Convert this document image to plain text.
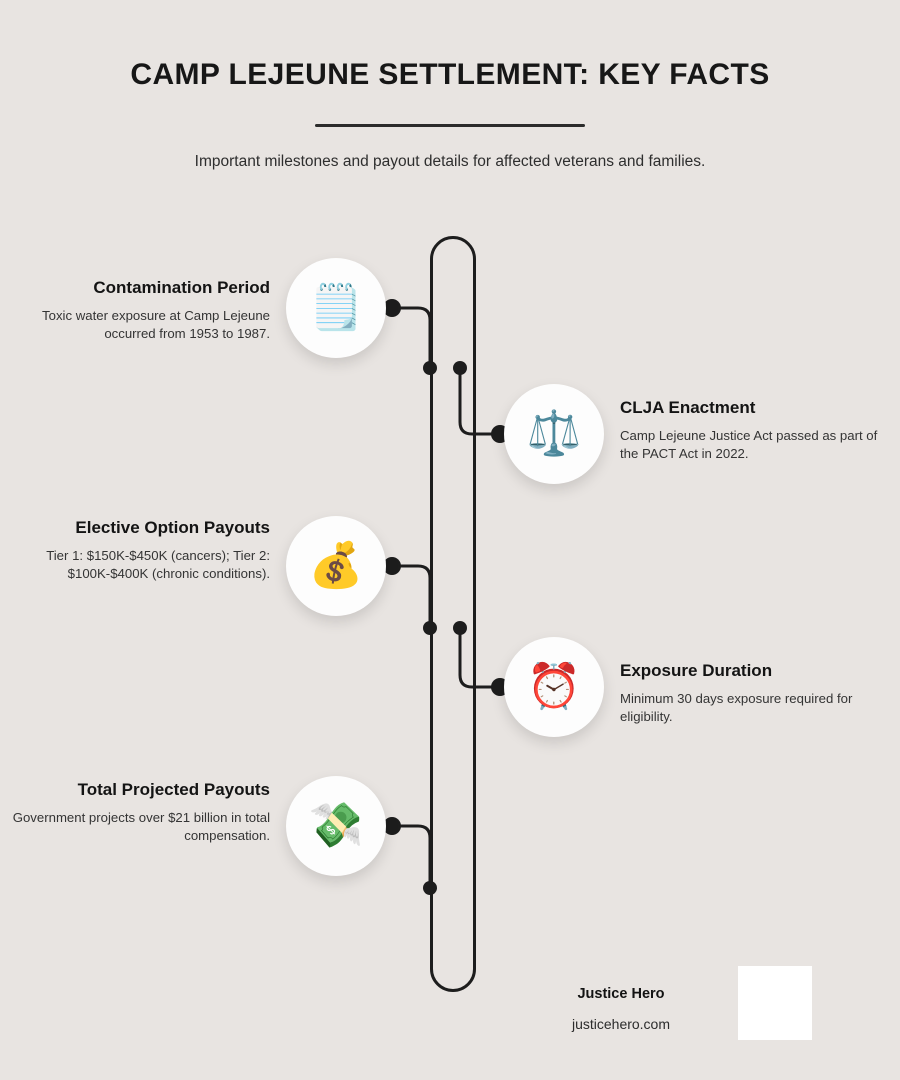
CAMP LEJEUNE SETTLEMENT: KEY FACTS
Important milestones and payout details for affected veterans and families.
🗒️
Contamination Period
Toxic water exposure at Camp Lejeune occurred from 1953 to 1987.
⚖️
CLJA Enactment
Camp Lejeune Justice Act passed as part of the PACT Act in 2022.
💰
Elective Option Payouts
Tier 1: $150K-$450K (cancers); Tier 2: $100K-$400K (chronic conditions).
⏰ Exposure Duration
Minimum 30 days exposure required for eligibility.
💸
Total Projected Payouts
Government projects over $21 billion in total compensation.
Justice Hero
justicehero.com
